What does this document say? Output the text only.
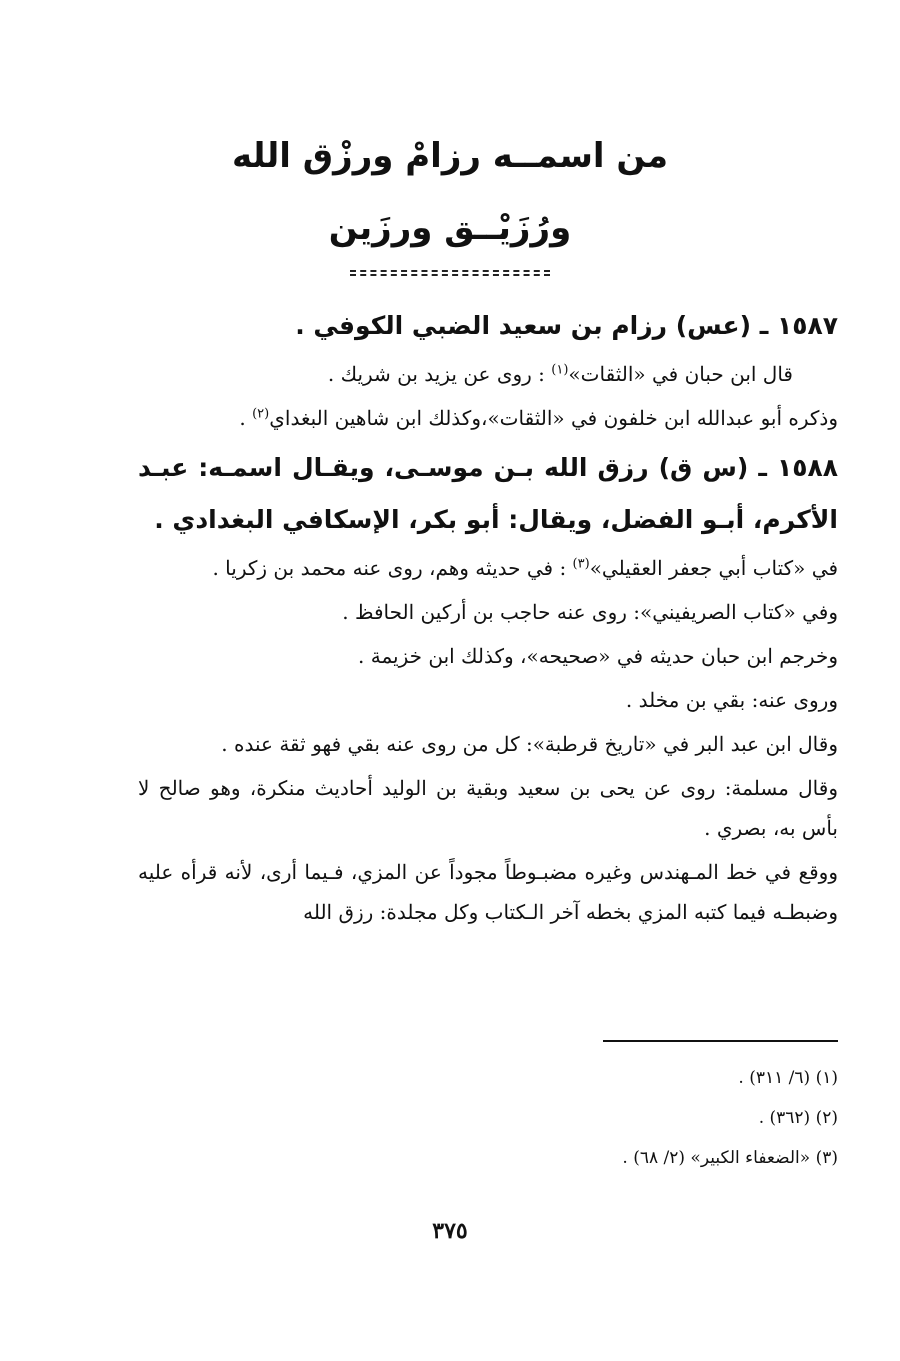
من اسمــه رزامْ ورزْق الله
ورُزَيْــق ورزَين
١٥٨٧ ـ (عس) رزام بن سعيد الضبي الكوفي .

قال ابن حبان في «الثقات»$^{(١)}$ : روى عن يزيد بن شريك .

وذكره أبو عبدالله ابن خلفون في «الثقات»،وكذلك ابن شاهين البغداي$^{(٢)}$ .

١٥٨٨ ـ (س ق) رزق الله بـن موسـى، ويقـال اسمـه: عبـد الأكرم، أبـو الفضل، ويقال: أبو بكر، الإسكافي البغدادي .

في «كتاب أبي جعفر العقيلي»$^{(٣)}$ : في حديثه وهم، روى عنه محمد بن زكريا .

وفي «كتاب الصريفيني»: روى عنه حاجب بن أركين الحافظ .

وخرجم ابن حبان حديثه في «صحيحه»، وكذلك ابن خزيمة .

وروى عنه: بقي بن مخلد .

وقال ابن عبد البر في «تاريخ قرطبة»: كل من روى عنه بقي فهو ثقة عنده .

وقال مسلمة: روى عن يحى بن سعيد وبقية بن الوليد أحاديث منكرة، وهو صالح لا بأس به، بصري .

ووقع في خط المـهندس وغيره مضبـوطاً مجوداً عن المزي، فـيما أرى، لأنه قرأه عليه وضبطـه فيما كتبه المزي بخطه آخر الـكتاب وكل مجلدة: رزق الله

(١) (٦/ ٣١١) .

(٢) (٣٦٢) .

(٣) «الضعفاء الكبير» (٢/ ٦٨) .

٣٧٥
